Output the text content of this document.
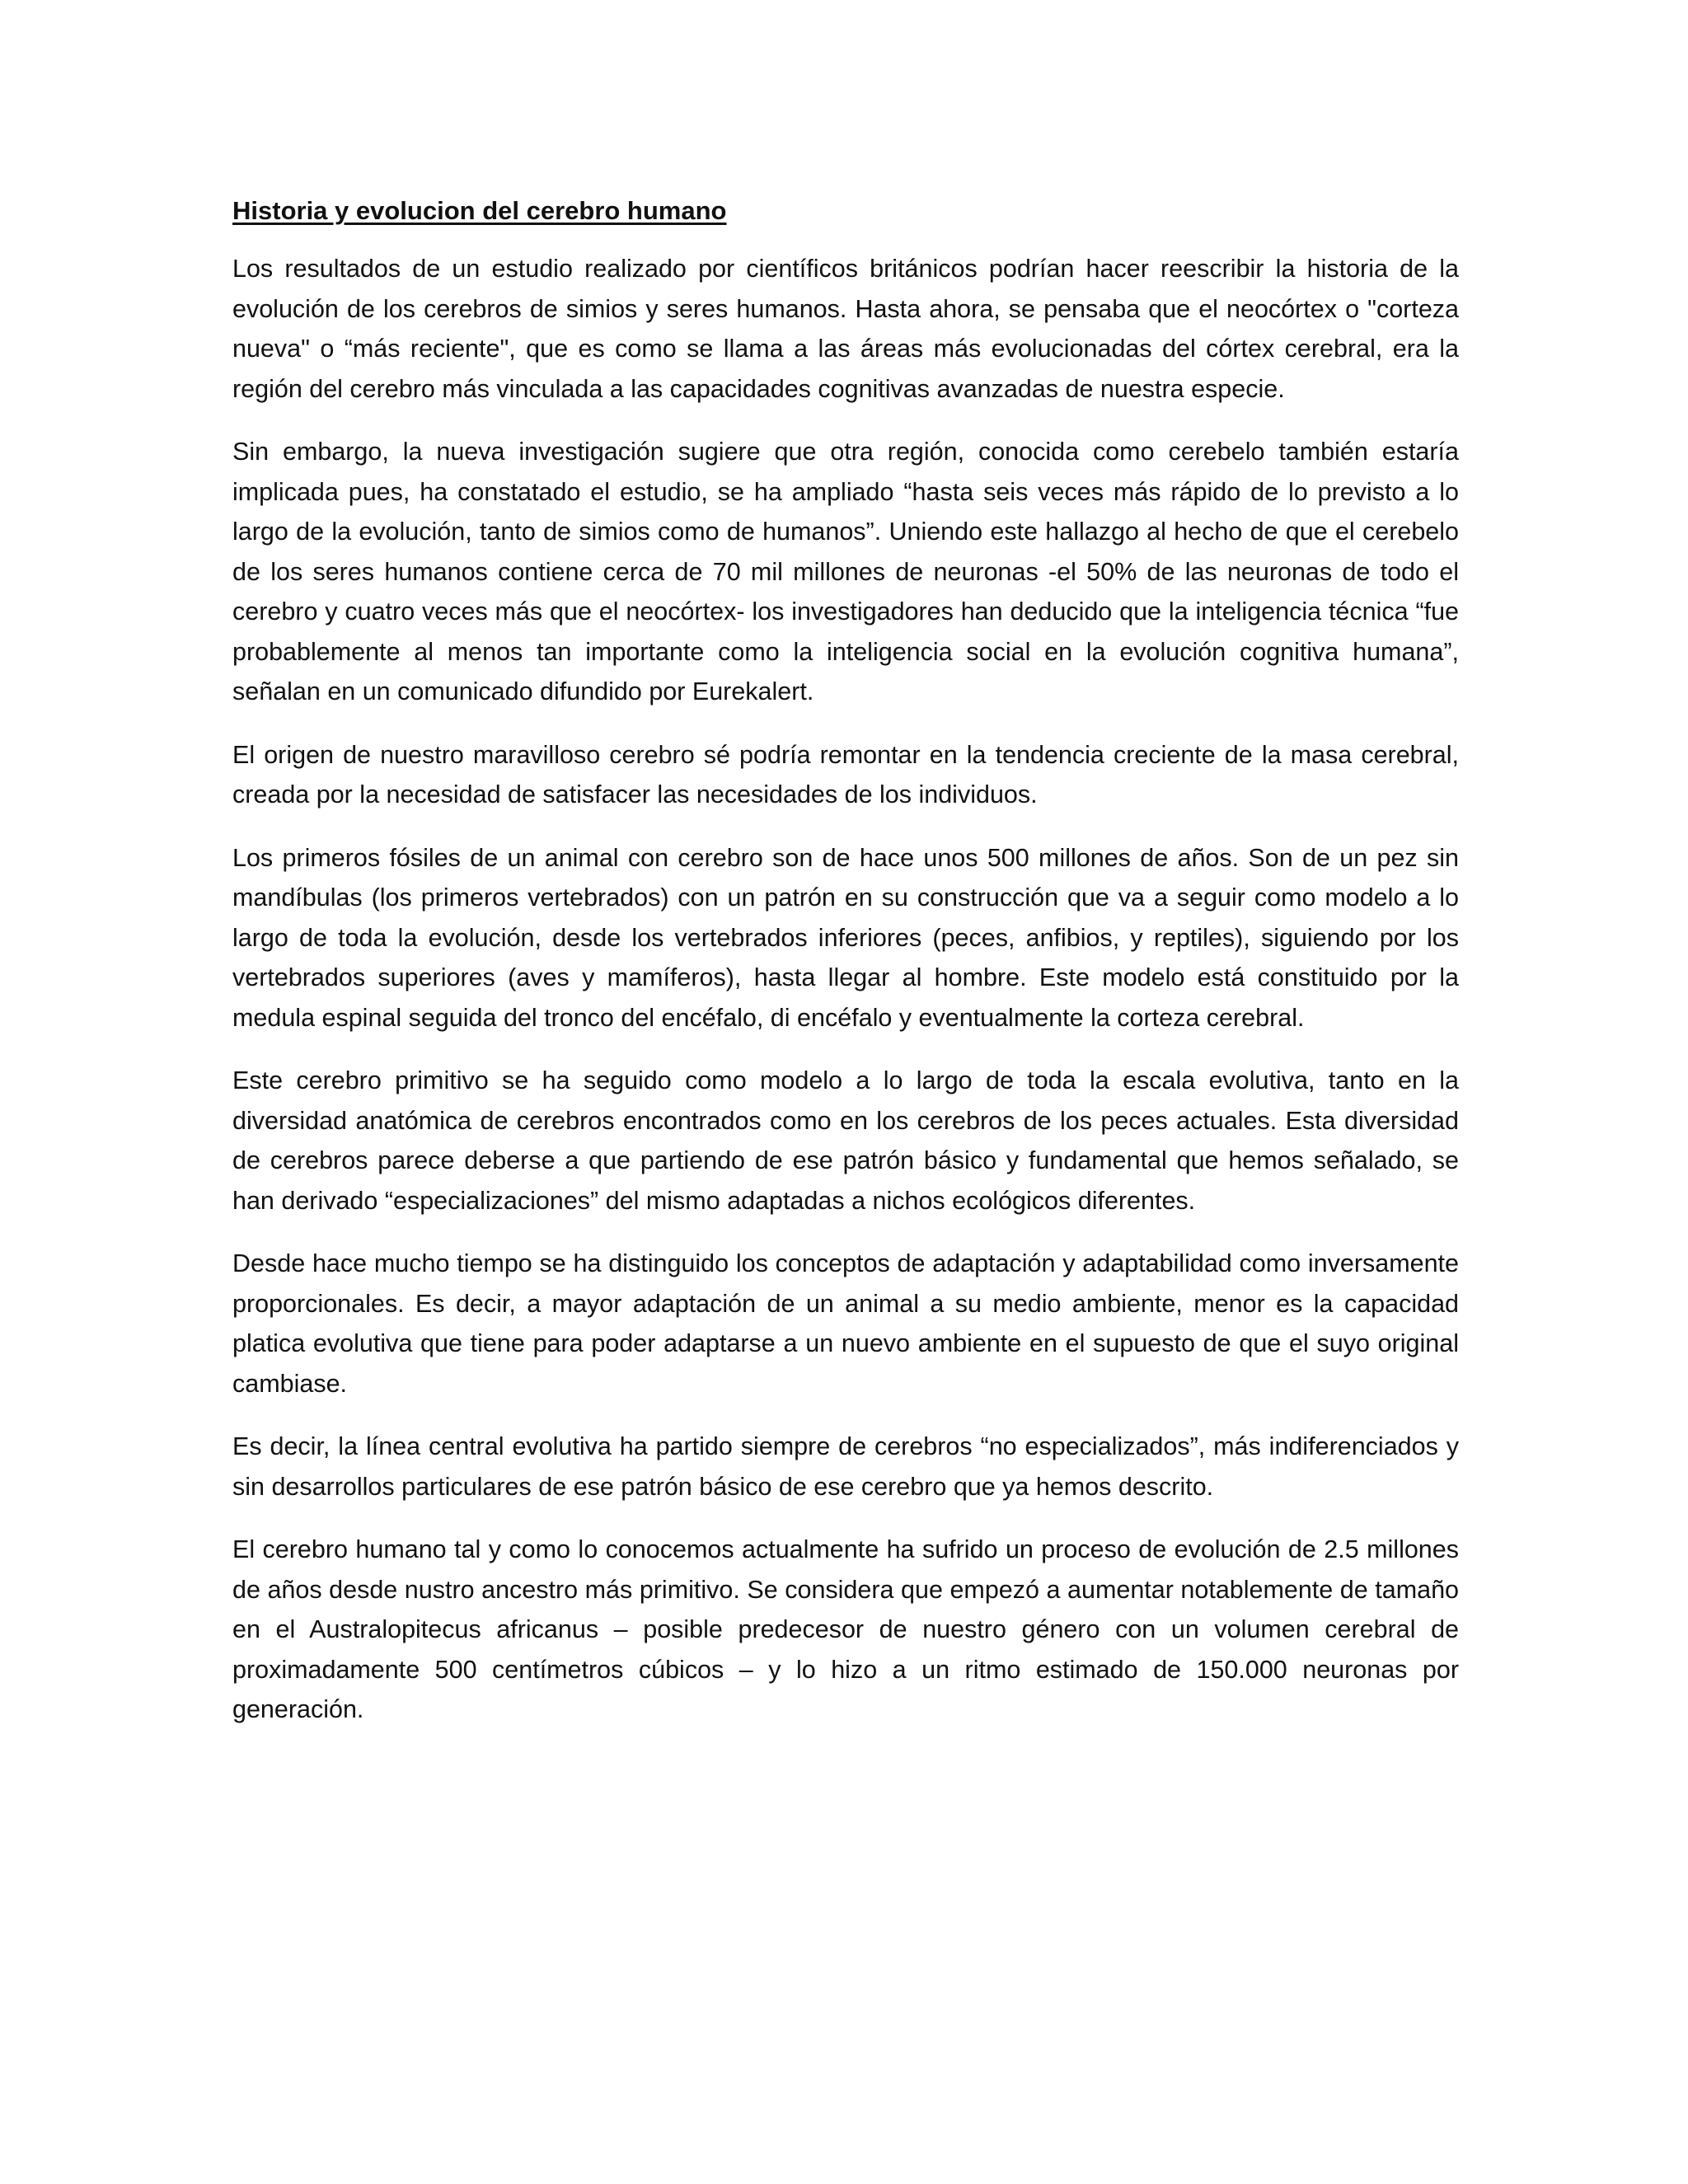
Historia y evolucion del cerebro humano

Los resultados de un estudio realizado por científicos británicos podrían hacer reescribir la historia de la evolución de los cerebros de simios y seres humanos. Hasta ahora, se pensaba que el neocórtex o "corteza nueva" o “más reciente", que es como se llama a las áreas más evolucionadas del córtex cerebral, era la región del cerebro más vinculada a las capacidades cognitivas avanzadas de nuestra especie.

Sin embargo, la nueva investigación sugiere que otra región, conocida como cerebelo también estaría implicada pues, ha constatado el estudio, se ha ampliado “hasta seis veces más rápido de lo previsto a lo largo de la evolución, tanto de simios como de humanos”. Uniendo este hallazgo al hecho de que el cerebelo de los seres humanos contiene cerca de 70 mil millones de neuronas -el 50% de las neuronas de todo el cerebro y cuatro veces más que el neocórtex- los investigadores han deducido que la inteligencia técnica “fue probablemente al menos tan importante como la inteligencia social en la evolución cognitiva humana”, señalan en un comunicado difundido por Eurekalert.

El origen de nuestro maravilloso cerebro sé podría remontar en la tendencia creciente de la masa cerebral, creada por la necesidad de satisfacer las necesidades de los individuos.

Los primeros fósiles de un animal con cerebro son de hace unos 500 millones de años. Son de un pez sin mandíbulas (los primeros vertebrados) con un patrón en su construcción que va a seguir como modelo a lo largo de toda la evolución, desde los vertebrados inferiores (peces, anfibios, y reptiles), siguiendo por los vertebrados superiores (aves y mamíferos), hasta llegar al hombre. Este modelo está constituido por la medula espinal seguida del tronco del encéfalo, di encéfalo y eventualmente la corteza cerebral.

Este cerebro primitivo se ha seguido como modelo a lo largo de toda la escala evolutiva, tanto en la diversidad anatómica de cerebros encontrados como en los cerebros de los peces actuales. Esta diversidad de cerebros parece deberse a que partiendo de ese patrón básico y fundamental que hemos señalado, se han derivado “especializaciones” del mismo adaptadas a nichos ecológicos diferentes.

Desde hace mucho tiempo se ha distinguido los conceptos de adaptación y adaptabilidad como inversamente proporcionales. Es decir, a mayor adaptación de un animal a su medio ambiente, menor es la capacidad platica evolutiva que tiene para poder adaptarse a un nuevo ambiente en el supuesto de que el suyo original cambiase.

Es decir, la línea central evolutiva ha partido siempre de cerebros “no especializados”, más indiferenciados y sin desarrollos particulares de ese patrón básico de ese cerebro que ya hemos descrito.

El cerebro humano tal y como lo conocemos actualmente ha sufrido un proceso de evolución de 2.5 millones de años desde nustro ancestro más primitivo. Se considera que empezó a aumentar notablemente de tamaño en el Australopitecus africanus – posible predecesor de nuestro género con un volumen cerebral de proximadamente 500 centímetros cúbicos – y lo hizo a un ritmo estimado de 150.000 neuronas por generación.
